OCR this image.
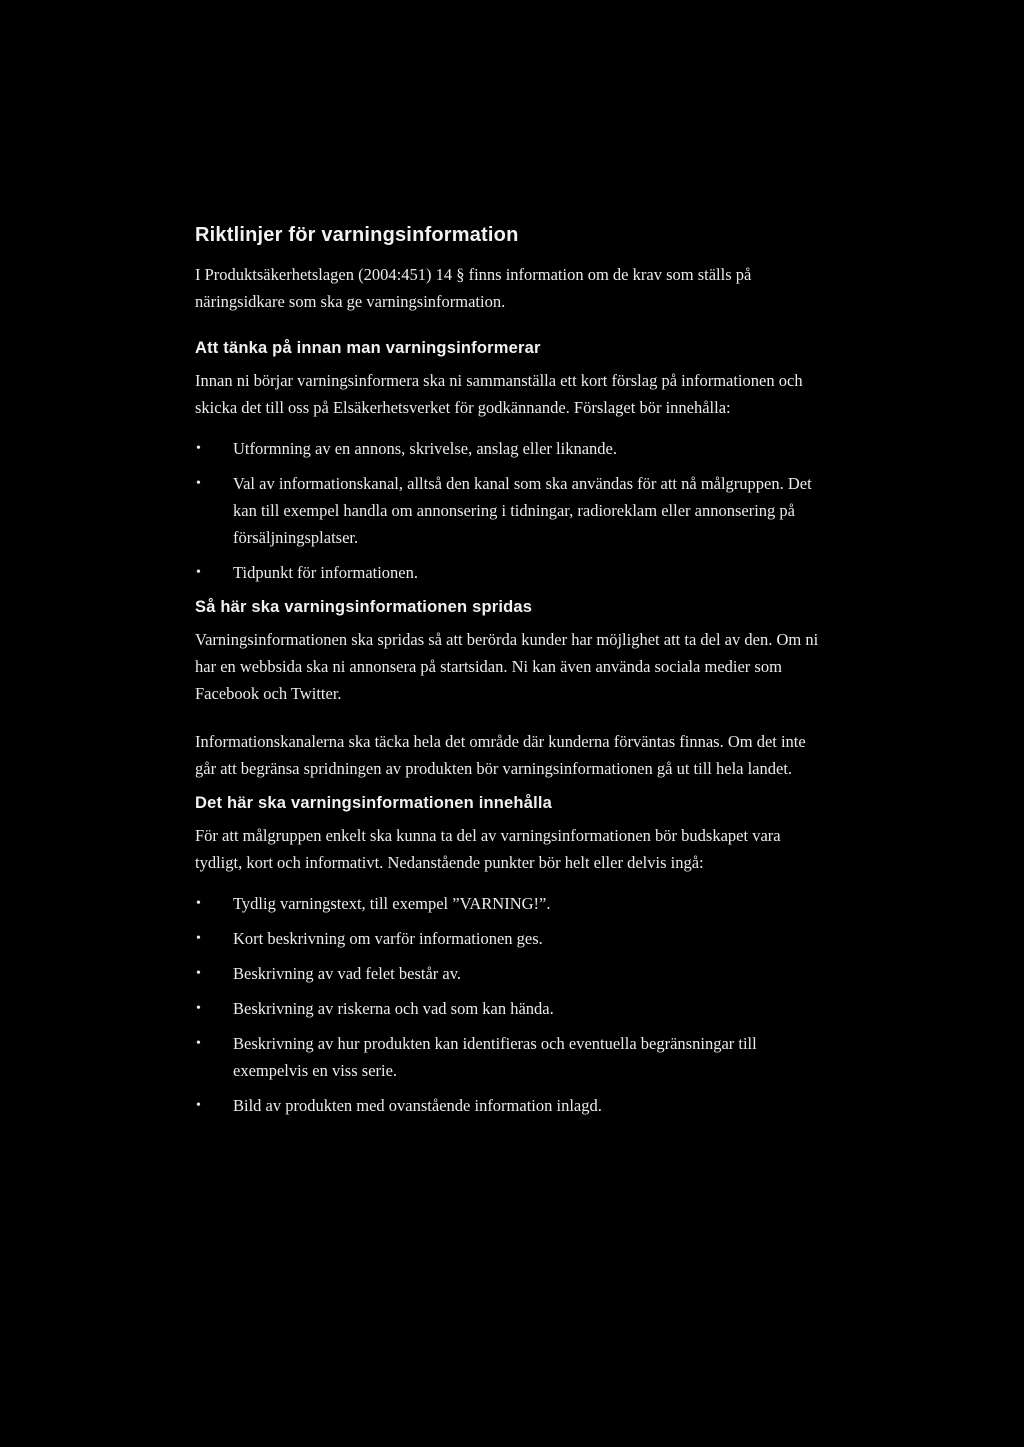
Riktlinjer för varningsinformation

I Produktsäkerhetslagen (2004:451) 14 § finns information om de krav som ställs på näringsidkare som ska ge varningsinformation.

Att tänka på innan man varningsinformerar

Innan ni börjar varningsinformera ska ni sammanställa ett kort förslag på informationen och skicka det till oss på Elsäkerhetsverket för godkännande. Förslaget bör innehålla:

• Utformning av en annons, skrivelse, anslag eller liknande.
• Val av informationskanal, alltså den kanal som ska användas för att nå målgruppen. Det kan till exempel handla om annonsering i tidningar, radioreklam eller annonsering på försäljningsplatser.
• Tidpunkt för informationen.
Så här ska varningsinformationen spridas

Varningsinformationen ska spridas så att berörda kunder har möjlighet att ta del av den. Om ni har en webbsida ska ni annonsera på startsidan. Ni kan även använda sociala medier som Facebook och Twitter.

Informationskanalerna ska täcka hela det område där kunderna förväntas finnas. Om det inte går att begränsa spridningen av produkten bör varningsinformationen gå ut till hela landet.

Det här ska varningsinformationen innehålla

För att målgruppen enkelt ska kunna ta del av varningsinformationen bör budskapet vara tydligt, kort och informativt. Nedanstående punkter bör helt eller delvis ingå:

• Tydlig varningstext, till exempel ”VARNING!”.
• Kort beskrivning om varför informationen ges.
• Beskrivning av vad felet består av.
• Beskrivning av riskerna och vad som kan hända.
• Beskrivning av hur produkten kan identifieras och eventuella begränsningar till exempelvis en viss serie.
• Bild av produkten med ovanstående information inlagd.
